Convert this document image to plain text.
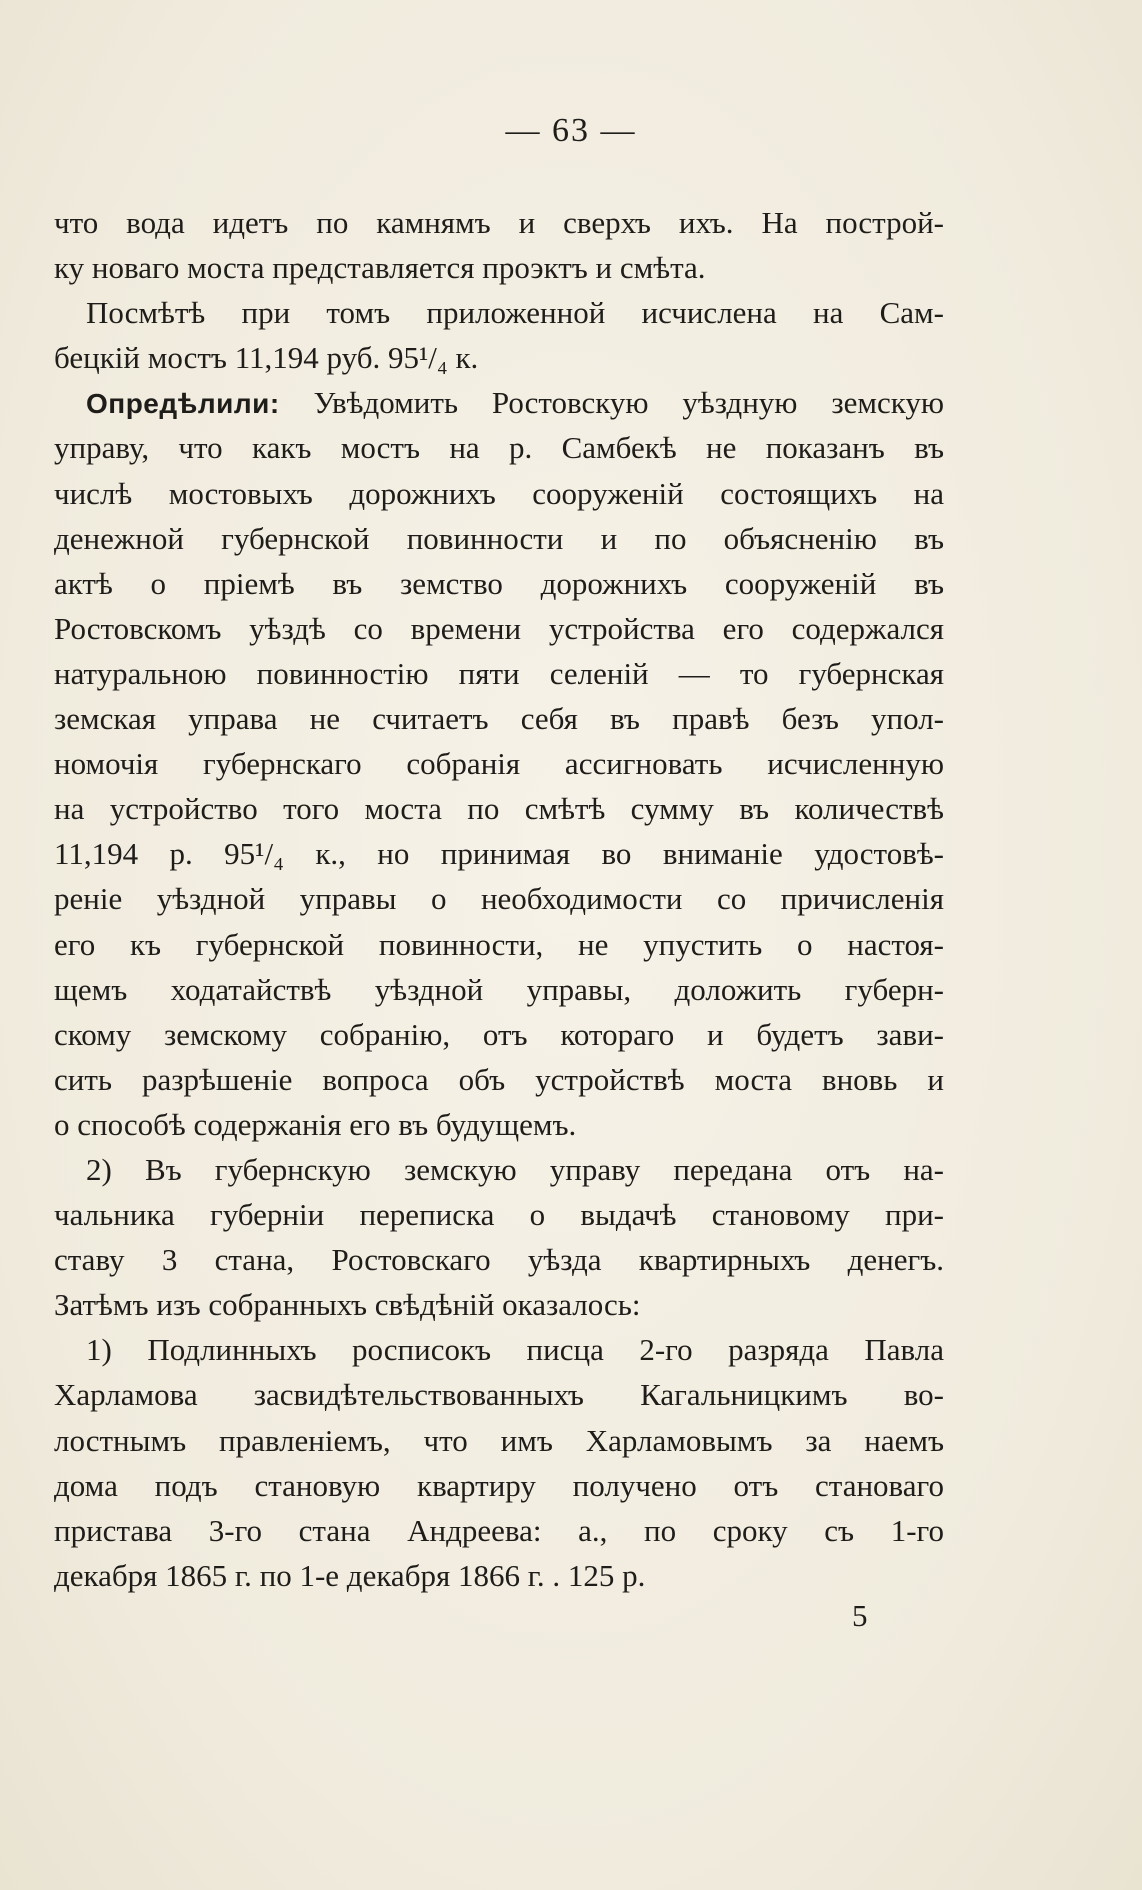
— 63 —
что вода идетъ по камнямъ и сверхъ ихъ. На построй-
ку новаго моста представляется проэктъ и смѣта.
Посмѣтѣ при томъ приложенной исчислена на Сам-
бецкій мостъ 11,194 руб. 95¹/₄ к.
Опредѣлили: Увѣдомить Ростовскую уѣздную земскую
управу, что какъ мостъ на р. Самбекѣ не показанъ въ
числѣ мостовыхъ дорожнихъ сооруженій состоящихъ на
денежной губернской повинности и по объясненію въ
актѣ о пріемѣ въ земство дорожнихъ сооруженій въ
Ростовскомъ уѣздѣ со времени устройства его содержался
натуральною повинностію пяти селеній — то губернская
земская управа не считаетъ себя въ правѣ безъ упол-
номочія губернскаго собранія ассигновать исчисленную
на устройство того моста по смѣтѣ сумму въ количествѣ
11,194 р. 95¹/₄ к., но принимая во вниманіе удостовѣ-
реніе уѣздной управы о необходимости со причисленія
его къ губернской повинности, не упустить о настоя-
щемъ ходатайствѣ уѣздной управы, доложить губерн-
скому земскому собранію, отъ котораго и будетъ зави-
сить разрѣшеніе вопроса объ устройствѣ моста вновь и
о способѣ содержанія его въ будущемъ.
2) Въ губернскую земскую управу передана отъ на-
чальника губерніи переписка о выдачѣ становому при-
ставу 3 стана, Ростовскаго уѣзда квартирныхъ денегъ.
Затѣмъ изъ собранныхъ свѣдѣній оказалось:
1) Подлинныхъ росписокъ писца 2-го разряда Павла
Харламова засвидѣтельствованныхъ Кагальницкимъ во-
лостнымъ правленіемъ, что имъ Харламовымъ за наемъ
дома подъ становую квартиру получено отъ становаго
пристава 3-го стана Андреева: а., по сроку съ 1-го
декабря 1865 г. по 1-е декабря 1866 г. . 125 р.
5
